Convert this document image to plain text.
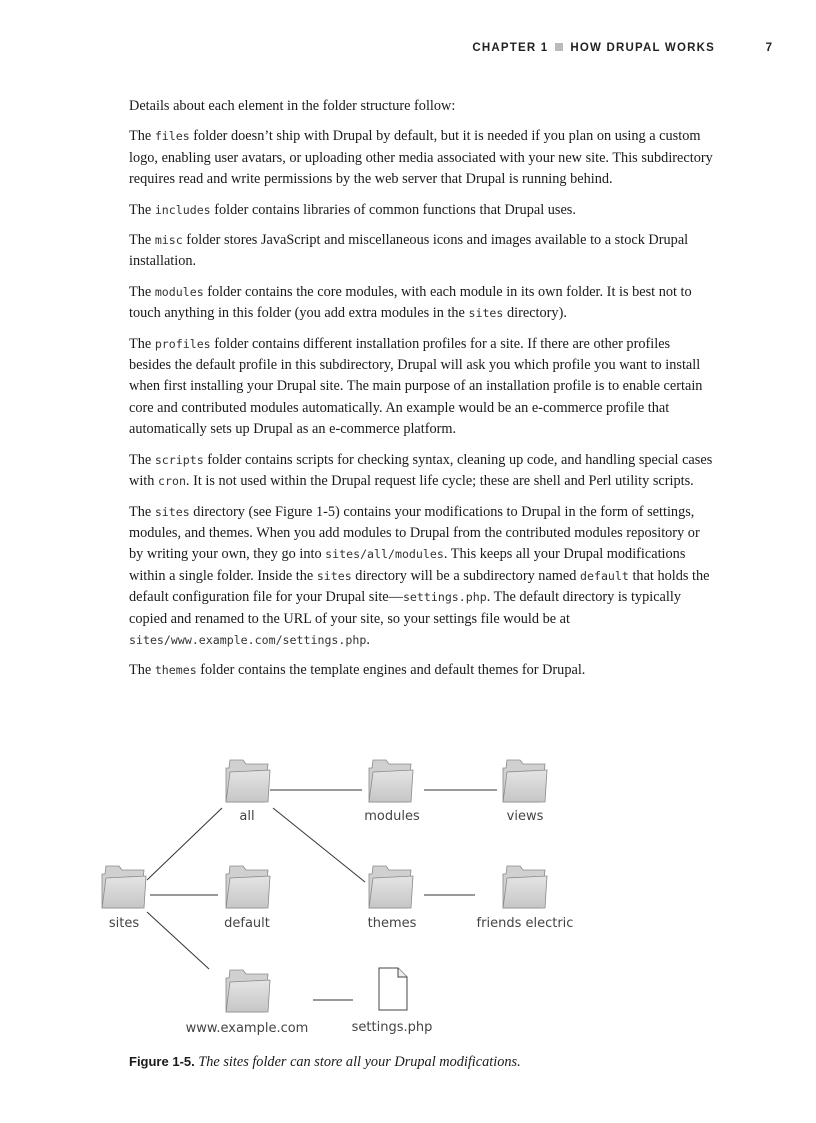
CHAPTER 1 HOW DRUPAL WORKS	7

Details about each element in the folder structure follow:

The files folder doesn’t ship with Drupal by default, but it is needed if you plan on using a custom logo, enabling user avatars, or uploading other media associated with your new site. This subdirectory requires read and write permissions by the web server that Drupal is running behind.

The includes folder contains libraries of common functions that Drupal uses.

The misc folder stores JavaScript and miscellaneous icons and images available to a stock Drupal installation.

The modules folder contains the core modules, with each module in its own folder. It is best not to touch anything in this folder (you add extra modules in the sites directory).

The profiles folder contains different installation profiles for a site. If there are other profiles besides the default profile in this subdirectory, Drupal will ask you which profile you want to install when first installing your Drupal site. The main purpose of an installation profile is to enable certain core and contributed modules automatically. An example would be an e-commerce profile that automatically sets up Drupal as an e-commerce platform.

The scripts folder contains scripts for checking syntax, cleaning up code, and handling special cases with cron. It is not used within the Drupal request life cycle; these are shell and Perl utility scripts.

The sites directory (see Figure 1-5) contains your modifications to Drupal in the form of settings, modules, and themes. When you add modules to Drupal from the contributed modules repository or by writing your own, they go into sites/all/modules. This keeps all your Drupal modifications within a single folder. Inside the sites directory will be a subdirectory named default that holds the default configuration file for your Drupal site—settings.php. The default directory is typically copied and renamed to the URL of your site, so your settings file would be at sites/www.example.com/settings.php.

The themes folder contains the template engines and default themes for Drupal.

all	modules	views
sites	default	themes	friends electric
www.example.com	settings.php
Figure 1-5. The sites folder can store all your Drupal modifications.
